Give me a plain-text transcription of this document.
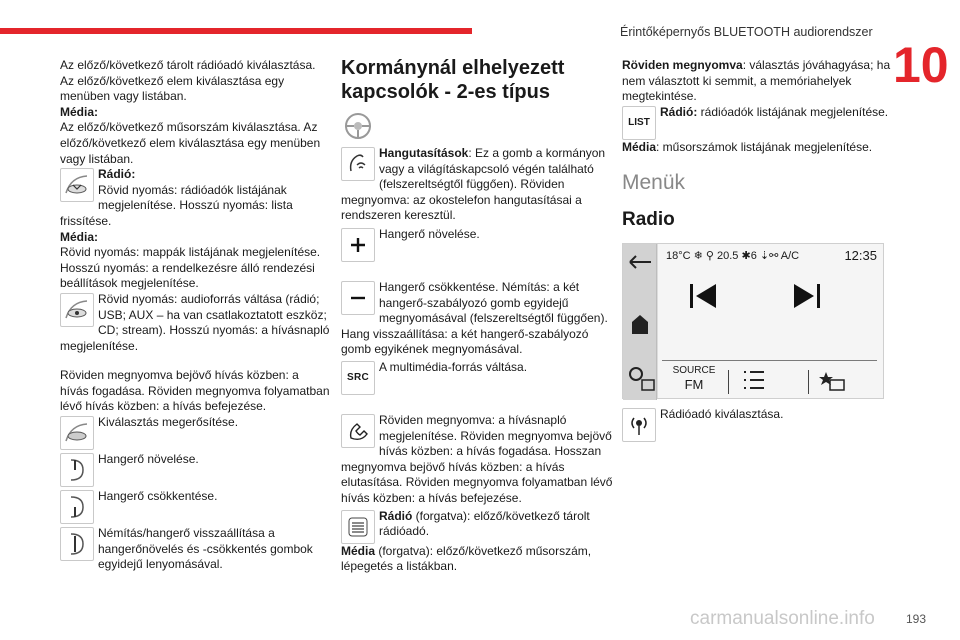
Érintőképernyős BLUETOOTH audiorendszer
10

Az előző/következő tárolt rádióadó kiválasztása. Az előző/következő elem kiválasztása egy menüben vagy listában.

Média:

Az előző/következő műsorszám kiválasztása. Az előző/következő elem kiválasztása egy menüben vagy listában.

Rádió:

Rövid nyomás: rádióadók listájának megjelenítése. Hosszú nyomás: lista frissítése.

Média:

Rövid nyomás: mappák listájának megjelenítése. Hosszú nyomás: a rendelkezésre álló rendezési beállítások megjelenítése.

Rövid nyomás: audioforrás váltása (rádió; USB; AUX – ha van csatlakoztatott eszköz; CD; stream). Hosszú nyomás: a hívásnapló megjelenítése.

Röviden megnyomva bejövő hívás közben: a hívás fogadása. Röviden megnyomva folyamatban lévő hívás közben: a hívás befejezése.

Kiválasztás megerősítése.

Hangerő növelése.

Hangerő csökkentése.

Némítás/hangerő visszaállítása a hangerőnövelés és -csökkentés gombok egyidejű lenyomásával.

Kormánynál elhelyezett kapcsolók - 2-es típus

Hangutasítások: Ez a gomb a kormányon vagy a világításkapcsoló végén található (felszereltségtől függően). Röviden megnyomva: az okostelefon hangutasításai a rendszeren keresztül.

Hangerő növelése.

Hangerő csökkentése. Némítás: a két hangerő-szabályozó gomb egyidejű megnyomásával (felszereltségtől függően). Hang visszaállítása: a két hangerő-szabályozó gomb egyikének megnyomásával.

SRC

A multimédia-forrás váltása.

Röviden megnyomva: a hívásnapló megjelenítése. Röviden megnyomva bejövő hívás közben: a hívás fogadása. Hosszan megnyomva bejövő hívás közben: a hívás elutasítása. Röviden megnyomva folyamatban lévő hívás közben: a hívás befejezése.

Rádió (forgatva): előző/következő tárolt rádióadó.

Média (forgatva): előző/következő műsorszám, lépegetés a listákban.

Röviden megnyomva: választás jóváhagyása; ha nem választott ki semmit, a memóriahelyek megtekintése.

LIST

Rádió: rádióadók listájának megjelenítése.

Média: műsorszámok listájának megjelenítése.

Menük
Radio
18°C ❄ ⚲ 20.5 ✱6 ⇣⚯ A/C	12:35
SOURCE
FM

Rádióadó kiválasztása.

carmanualsonline.info	193
